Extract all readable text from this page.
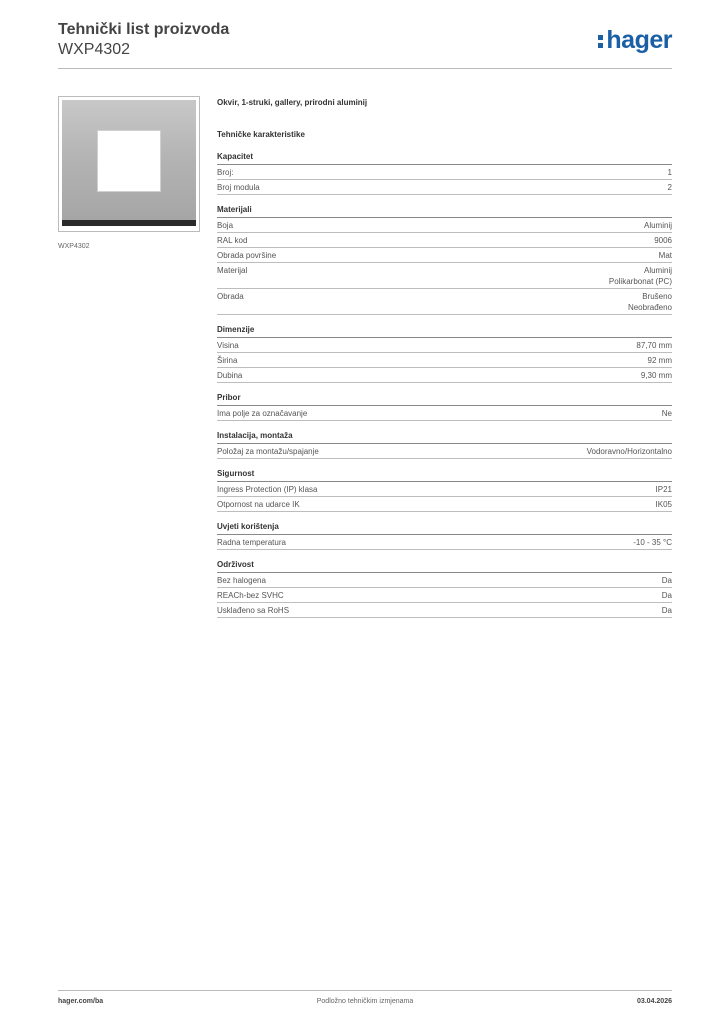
Tehnički list proizvoda
WXP4302	hager
WXP4302
Okvir, 1-struki, gallery, prirodni aluminij
Tehničke karakteristike
Kapacitet
Broj:	1
Broj modula	2
Materijali
Boja	Aluminij
RAL kod	9006
Obrada površine	Mat
Materijal	Aluminij
Polikarbonat (PC)
Obrada	Brušeno
Neobrađeno
Dimenzije
Visina	87,70 mm
Širina	92 mm
Dubina	9,30 mm
Pribor
Ima polje za označavanje	Ne
Instalacija, montaža
Položaj za montažu/spajanje	Vodoravno/Horizontalno
Sigurnost
Ingress Protection (IP) klasa	IP21
Otpornost na udarce IK	IK05
Uvjeti korištenja
Radna temperatura	-10 - 35 °C
Održivost
Bez halogena	Da
REACh-bez SVHC	Da
Usklađeno sa RoHS	Da
hager.com/ba	Podložno tehničkim izmjenama	03.04.2026
